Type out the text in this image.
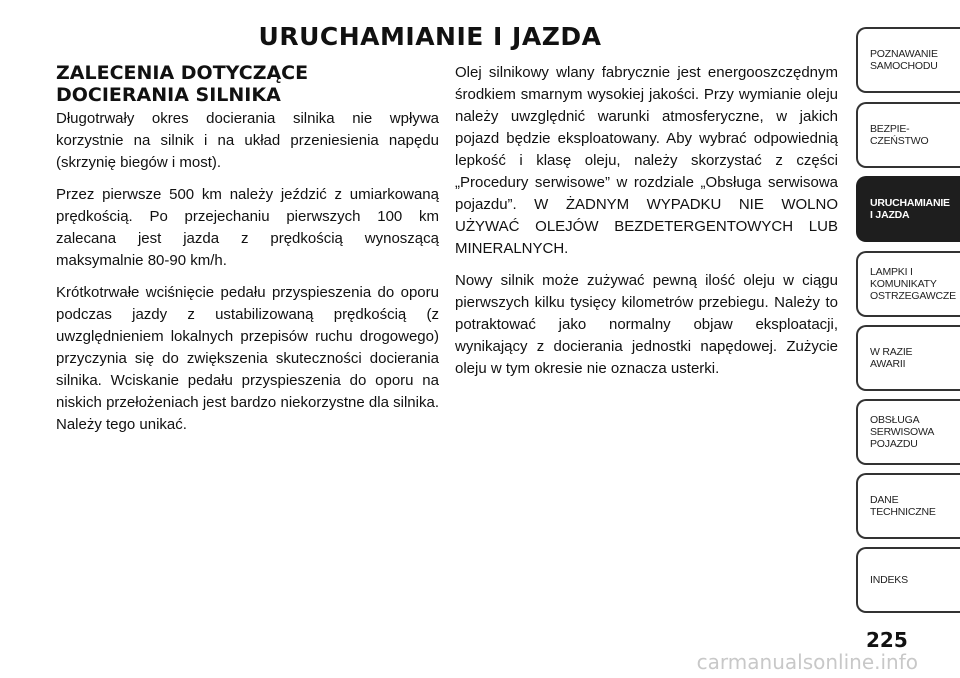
URUCHAMIANIE I JAZDA
ZALECENIA DOTYCZĄCE
DOCIERANIA SILNIKA

Długotrwały okres docierania silnika nie wpływa korzystnie na silnik i na układ przeniesienia napędu (skrzynię biegów i most).

Przez pierwsze 500 km należy jeździć z umiarkowaną prędkością. Po przejechaniu pierwszych 100 km zalecana jest jazda z prędkością wynoszącą maksymalnie 80-90 km/h.

Krótkotrwałe wciśnięcie pedału przyspieszenia do oporu podczas jazdy z ustabilizowaną prędkością (z uwzględnieniem lokalnych przepisów ruchu drogowego) przyczynia się do zwiększenia skuteczności docierania silnika. Wciskanie pedału przyspieszenia do oporu na niskich przełożeniach jest bardzo niekorzystne dla silnika. Należy tego unikać.

Olej silnikowy wlany fabrycznie jest energooszczędnym środkiem smarnym wysokiej jakości. Przy wymianie oleju należy uwzględnić warunki atmosferyczne, w jakich pojazd będzie eksploatowany. Aby wybrać odpowiednią lepkość i klasę oleju, należy skorzystać z części „Procedury serwisowe” w rozdziale „Obsługa serwisowa pojazdu”. W ŻADNYM WYPADKU NIE WOLNO UŻYWAĆ OLEJÓW BEZDETERGENTOWYCH LUB MINERALNYCH.

Nowy silnik może zużywać pewną ilość oleju w ciągu pierwszych kilku tysięcy kilometrów przebiegu. Należy to potraktować jako normalny objaw eksploatacji, wynikający z docierania jednostki napędowej. Zużycie oleju w tym okresie nie oznacza usterki.

POZNAWANIE
SAMOCHODU
BEZPIE-
CZEŃSTWO
URUCHAMIANIE
I JAZDA
LAMPKI I
KOMUNIKATY
OSTRZEGAWCZE
W RAZIE
AWARII
OBSŁUGA
SERWISOWA
POJAZDU
DANE
TECHNICZNE
INDEKS
225
carmanualsonline.info
